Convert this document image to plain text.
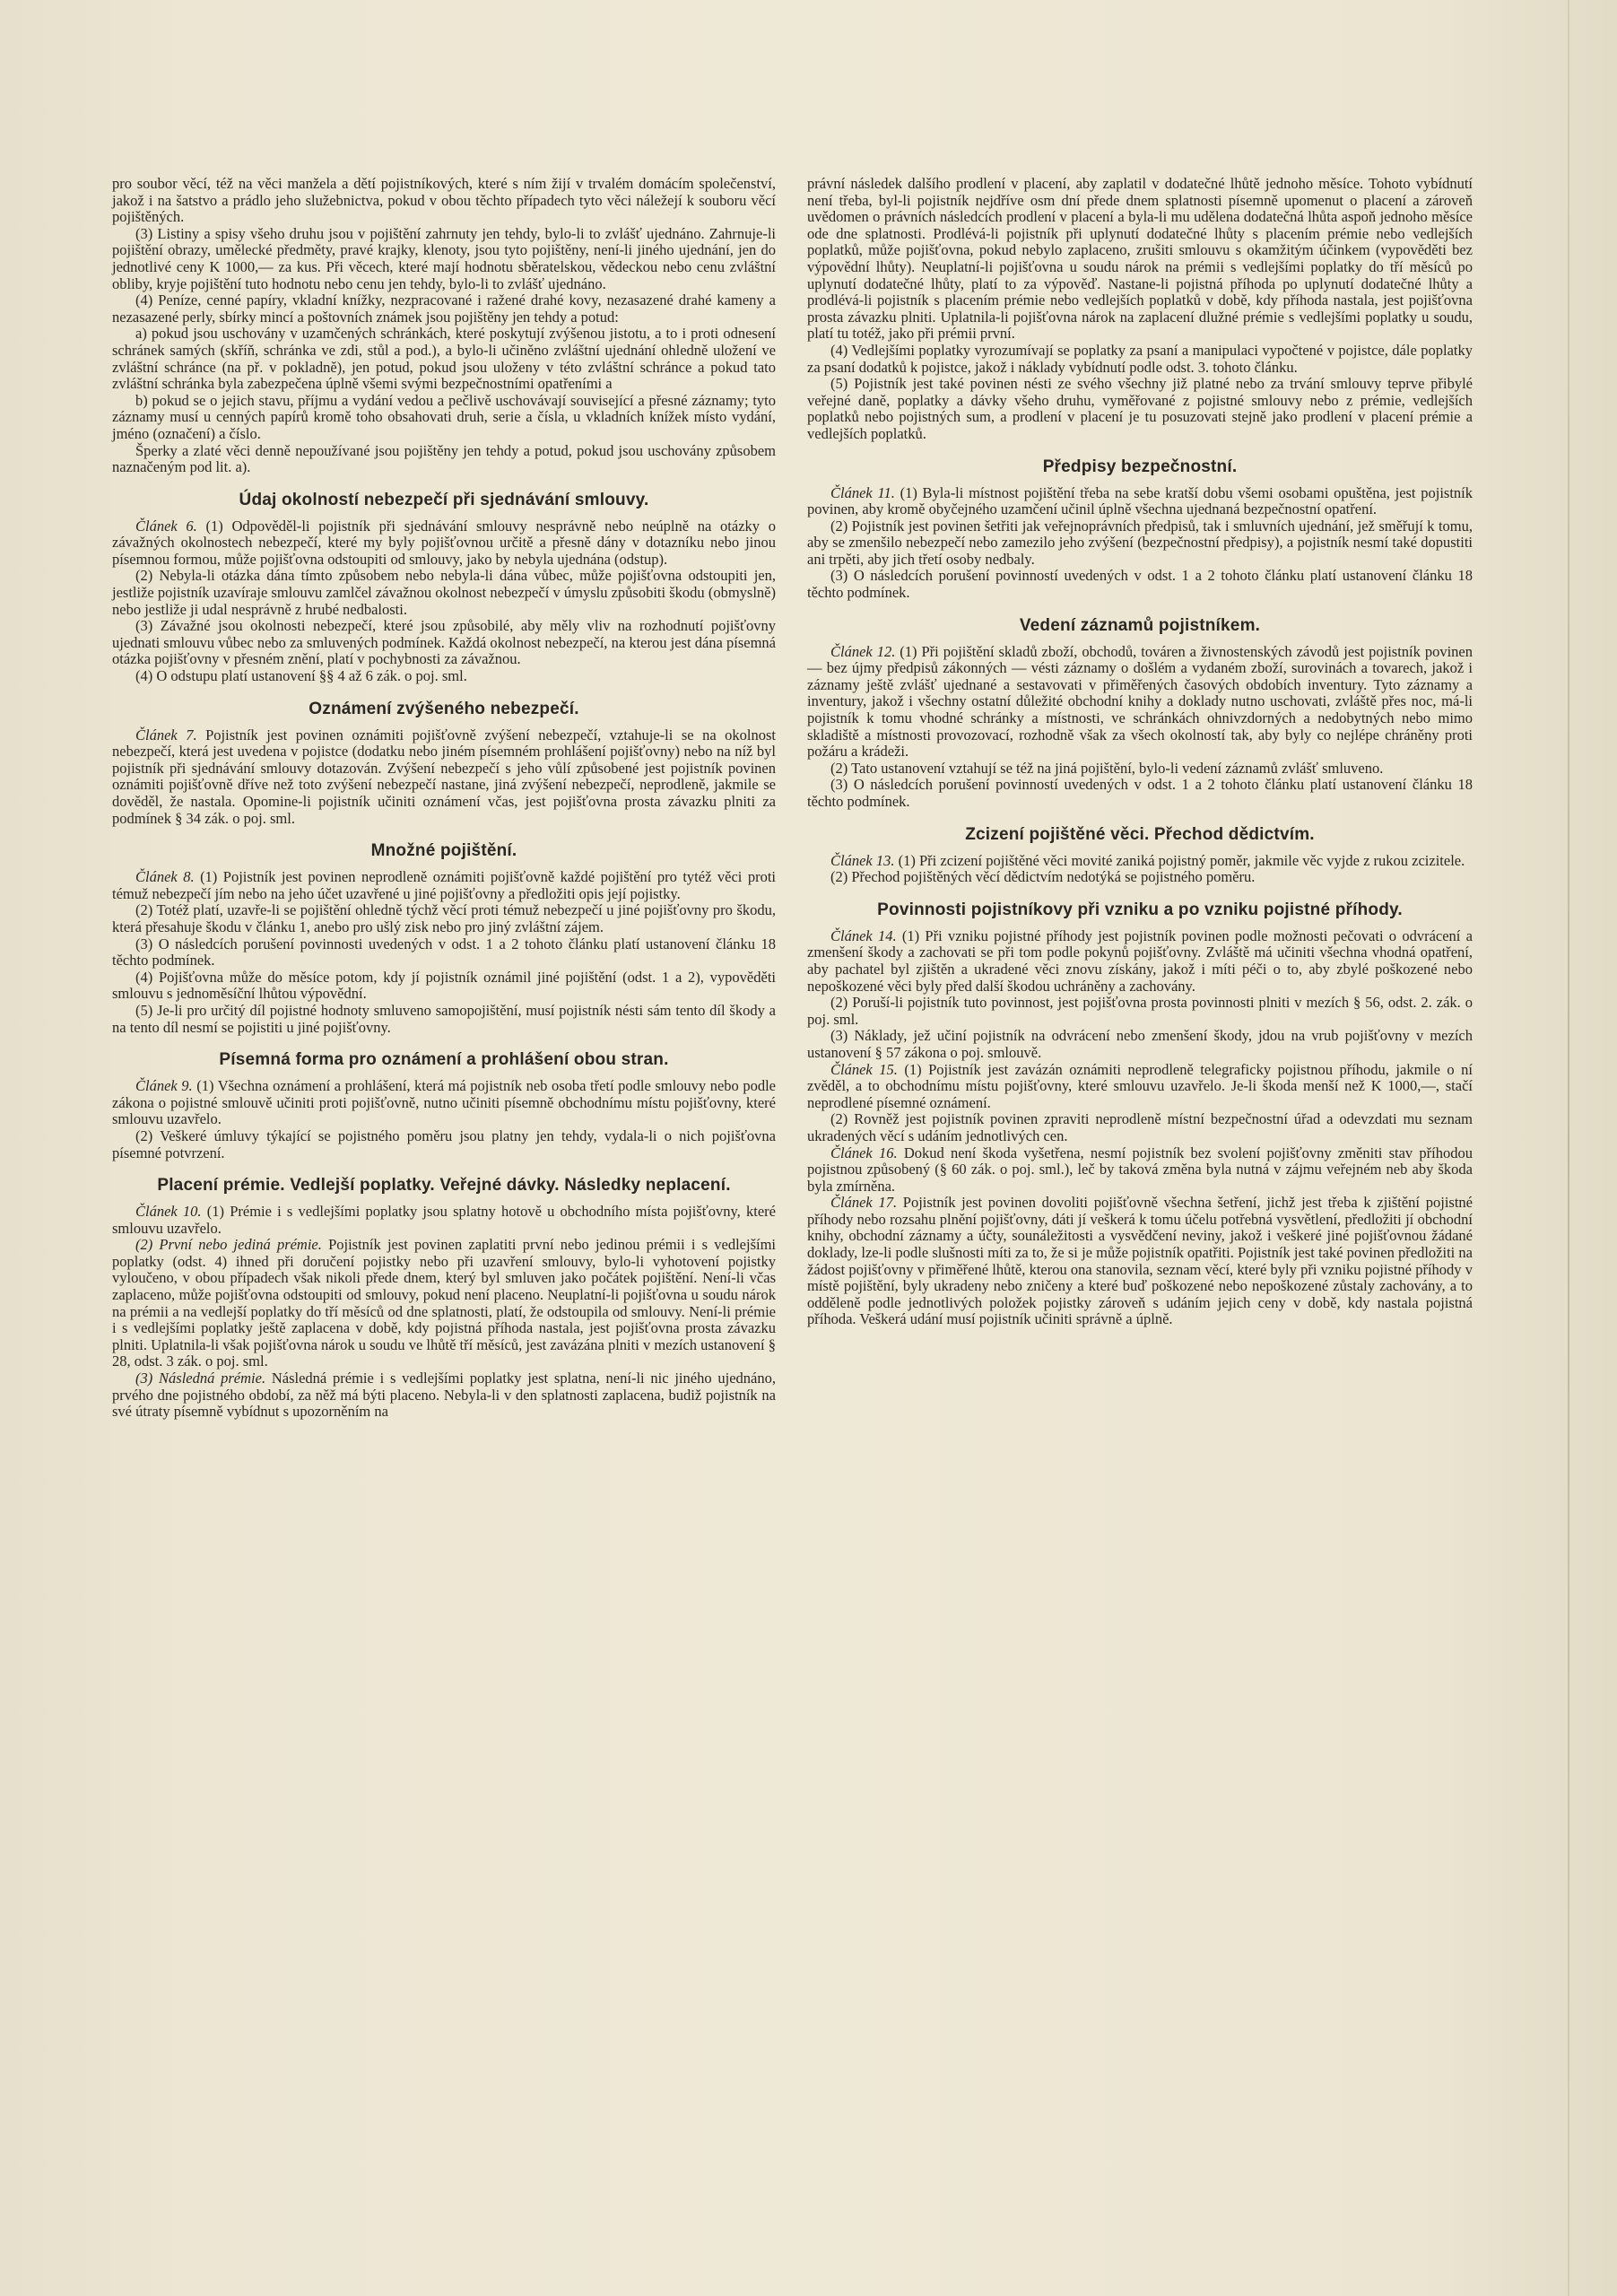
pro soubor věcí, též na věci manžela a dětí pojistníkových, které s ním žijí v trvalém domácím společenství, jakož i na šatstvo a prádlo jeho služebnictva, pokud v obou těchto případech tyto věci náležejí k souboru věcí pojištěných.

(3) Listiny a spisy všeho druhu jsou v pojištění zahrnuty jen tehdy, bylo-li to zvlášť ujednáno. Zahrnuje-li pojištění obrazy, umělecké předměty, pravé krajky, klenoty, jsou tyto pojištěny, není-li jiného ujednání, jen do jednotlivé ceny K 1000,— za kus. Při věcech, které mají hodnotu sběratelskou, vědeckou nebo cenu zvláštní obliby, kryje pojištění tuto hodnotu nebo cenu jen tehdy, bylo-li to zvlášť ujednáno.

(4) Peníze, cenné papíry, vkladní knížky, nezpracované i ražené drahé kovy, nezasazené drahé kameny a nezasazené perly, sbírky mincí a poštovních známek jsou pojištěny jen tehdy a potud:

a) pokud jsou uschovány v uzamčených schránkách, které poskytují zvýšenou jistotu, a to i proti odnesení schránek samých (skříň, schránka ve zdi, stůl a pod.), a bylo-li učiněno zvláštní ujednání ohledně uložení ve zvláštní schránce (na př. v pokladně), jen potud, pokud jsou uloženy v této zvláštní schránce a pokud tato zvláštní schránka byla zabezpečena úplně všemi svými bezpečnostními opatřeními a

b) pokud se o jejich stavu, příjmu a vydání vedou a pečlivě uschovávají související a přesné záznamy; tyto záznamy musí u cenných papírů kromě toho obsahovati druh, serie a čísla, u vkladních knížek místo vydání, jméno (označení) a číslo.

Šperky a zlaté věci denně nepoužívané jsou pojištěny jen tehdy a potud, pokud jsou uschovány způsobem naznačeným pod lit. a).

Údaj okolností nebezpečí při sjednávání smlouvy.

Článek 6. (1) Odpověděl-li pojistník při sjednávání smlouvy nesprávně nebo neúplně na otázky o závažných okolnostech nebezpečí, které my byly pojišťovnou určitě a přesně dány v dotazníku nebo jinou písemnou formou, může pojišťovna odstoupiti od smlouvy, jako by nebyla ujednána (odstup).

(2) Nebyla-li otázka dána tímto způsobem nebo nebyla-li dána vůbec, může pojišťovna odstoupiti jen, jestliže pojistník uzavíraje smlouvu zamlčel závažnou okolnost nebezpečí v úmyslu způsobiti škodu (obmyslně) nebo jestliže ji udal nesprávně z hrubé nedbalosti.

(3) Závažné jsou okolnosti nebezpečí, které jsou způsobilé, aby měly vliv na rozhodnutí pojišťovny ujednati smlouvu vůbec nebo za smluvených podmínek. Každá okolnost nebezpečí, na kterou jest dána písemná otázka pojišťovny v přesném znění, platí v pochybnosti za závažnou.

(4) O odstupu platí ustanovení §§ 4 až 6 zák. o poj. sml.

Oznámení zvýšeného nebezpečí.

Článek 7. Pojistník jest povinen oznámiti pojišťovně zvýšení nebezpečí, vztahuje-li se na okolnost nebezpečí, která jest uvedena v pojistce (dodatku nebo jiném písemném prohlášení pojišťovny) nebo na níž byl pojistník při sjednávání smlouvy dotazován. Zvýšení nebezpečí s jeho vůlí způsobené jest pojistník povinen oznámiti pojišťovně dříve než toto zvýšení nebezpečí nastane, jiná zvýšení nebezpečí, neprodleně, jakmile se dověděl, že nastala. Opomine-li pojistník učiniti oznámení včas, jest pojišťovna prosta závazku plniti za podmínek § 34 zák. o poj. sml.

Množné pojištění.

Článek 8. (1) Pojistník jest povinen neprodleně oznámiti pojišťovně každé pojištění pro tytéž věci proti témuž nebezpečí jím nebo na jeho účet uzavřené u jiné pojišťovny a předložiti opis její pojistky.

(2) Totéž platí, uzavře-li se pojištění ohledně týchž věcí proti témuž nebezpečí u jiné pojišťovny pro škodu, která přesahuje škodu v článku 1, anebo pro ušlý zisk nebo pro jiný zvláštní zájem.

(3) O následcích porušení povinnosti uvedených v odst. 1 a 2 tohoto článku platí ustanovení článku 18 těchto podmínek.

(4) Pojišťovna může do měsíce potom, kdy jí pojistník oznámil jiné pojištění (odst. 1 a 2), vypověděti smlouvu s jednoměsíční lhůtou výpovědní.

(5) Je-li pro určitý díl pojistné hodnoty smluveno samopojištění, musí pojistník nésti sám tento díl škody a na tento díl nesmí se pojistiti u jiné pojišťovny.

Písemná forma pro oznámení a prohlášení obou stran.

Článek 9. (1) Všechna oznámení a prohlášení, která má pojistník neb osoba třetí podle smlouvy nebo podle zákona o pojistné smlouvě učiniti proti pojišťovně, nutno učiniti písemně obchodnímu místu pojišťovny, které smlouvu uzavřelo.

(2) Veškeré úmluvy týkající se pojistného poměru jsou platny jen tehdy, vydala-li o nich pojišťovna písemné potvrzení.

Placení prémie. Vedlejší poplatky. Veřejné dávky. Následky neplacení.

Článek 10. (1) Prémie i s vedlejšími poplatky jsou splatny hotově u obchodního místa pojišťovny, které smlouvu uzavřelo.

(2) První nebo jediná prémie. Pojistník jest povinen zaplatiti první nebo jedinou prémii i s vedlejšími poplatky (odst. 4) ihned při doručení pojistky nebo při uzavření smlouvy, bylo-li vyhotovení pojistky vyloučeno, v obou případech však nikoli přede dnem, který byl smluven jako počátek pojištění. Není-li včas zaplaceno, může pojišťovna odstoupiti od smlouvy, pokud není placeno. Neuplatní-li pojišťovna u soudu nárok na prémii a na vedlejší poplatky do tří měsíců od dne splatnosti, platí, že odstoupila od smlouvy. Není-li prémie i s vedlejšími poplatky ještě zaplacena v době, kdy pojistná příhoda nastala, jest pojišťovna prosta závazku plniti. Uplatnila-li však pojišťovna nárok u soudu ve lhůtě tří měsíců, jest zavázána plniti v mezích ustanovení § 28, odst. 3 zák. o poj. sml.

(3) Následná prémie. Následná prémie i s vedlejšími poplatky jest splatna, není-li nic jiného ujednáno, prvého dne pojistného období, za něž má býti placeno. Nebyla-li v den splatnosti zaplacena, budiž pojistník na své útraty písemně vybídnut s upozorněním na

právní následek dalšího prodlení v placení, aby zaplatil v dodatečné lhůtě jednoho měsíce. Tohoto vybídnutí není třeba, byl-li pojistník nejdříve osm dní přede dnem splatnosti písemně upomenut o placení a zároveň uvědomen o právních následcích prodlení v placení a byla-li mu udělena dodatečná lhůta aspoň jednoho měsíce ode dne splatnosti. Prodlévá-li pojistník při uplynutí dodatečné lhůty s placením prémie nebo vedlejších poplatků, může pojišťovna, pokud nebylo zaplaceno, zrušiti smlouvu s okamžitým účinkem (vypověděti bez výpovědní lhůty). Neuplatní-li pojišťovna u soudu nárok na prémii s vedlejšími poplatky do tří měsíců po uplynutí dodatečné lhůty, platí to za výpověď. Nastane-li pojistná příhoda po uplynutí dodatečné lhůty a prodlévá-li pojistník s placením prémie nebo vedlejších poplatků v době, kdy příhoda nastala, jest pojišťovna prosta závazku plniti. Uplatnila-li pojišťovna nárok na zaplacení dlužné prémie s vedlejšími poplatky u soudu, platí tu totéž, jako při prémii první.

(4) Vedlejšími poplatky vyrozumívají se poplatky za psaní a manipulaci vypočtené v pojistce, dále poplatky za psaní dodatků k pojistce, jakož i náklady vybídnutí podle odst. 3. tohoto článku.

(5) Pojistník jest také povinen nésti ze svého všechny již platné nebo za trvání smlouvy teprve přibylé veřejné daně, poplatky a dávky všeho druhu, vyměřované z pojistné smlouvy nebo z prémie, vedlejších poplatků nebo pojistných sum, a prodlení v placení je tu posuzovati stejně jako prodlení v placení prémie a vedlejších poplatků.

Předpisy bezpečnostní.

Článek 11. (1) Byla-li místnost pojištění třeba na sebe kratší dobu všemi osobami opuštěna, jest pojistník povinen, aby kromě obyčejného uzamčení učinil úplně všechna ujednaná bezpečnostní opatření.

(2) Pojistník jest povinen šetřiti jak veřejnoprávních předpisů, tak i smluvních ujednání, jež směřují k tomu, aby se zmenšilo nebezpečí nebo zamezilo jeho zvýšení (bezpečnostní předpisy), a pojistník nesmí také dopustiti ani trpěti, aby jich třetí osoby nedbaly.

(3) O následcích porušení povinností uvedených v odst. 1 a 2 tohoto článku platí ustanovení článku 18 těchto podmínek.

Vedení záznamů pojistníkem.

Článek 12. (1) Při pojištění skladů zboží, obchodů, továren a živnostenských závodů jest pojistník povinen — bez újmy předpisů zákonných — vésti záznamy o došlém a vydaném zboží, surovinách a tovarech, jakož i záznamy ještě zvlášť ujednané a sestavovati v přiměřených časových obdobích inventury. Tyto záznamy a inventury, jakož i všechny ostatní důležité obchodní knihy a doklady nutno uschovati, zvláště přes noc, má-li pojistník k tomu vhodné schránky a místnosti, ve schránkách ohnivzdorných a nedobytných nebo mimo skladiště a místnosti provozovací, rozhodně však za všech okolností tak, aby byly co nejlépe chráněny proti požáru a krádeži.

(2) Tato ustanovení vztahují se též na jiná pojištění, bylo-li vedení záznamů zvlášť smluveno.

(3) O následcích porušení povinností uvedených v odst. 1 a 2 tohoto článku platí ustanovení článku 18 těchto podmínek.

Zcizení pojištěné věci. Přechod dědictvím.

Článek 13. (1) Při zcizení pojištěné věci movité zaniká pojistný poměr, jakmile věc vyjde z rukou zcizitele.

(2) Přechod pojištěných věcí dědictvím nedotýká se pojistného poměru.

Povinnosti pojistníkovy při vzniku a po vzniku pojistné příhody.

Článek 14. (1) Při vzniku pojistné příhody jest pojistník povinen podle možnosti pečovati o odvrácení a zmenšení škody a zachovati se při tom podle pokynů pojišťovny. Zvláště má učiniti všechna vhodná opatření, aby pachatel byl zjištěn a ukradené věci znovu získány, jakož i míti péči o to, aby zbylé poškozené nebo nepoškozené věci byly před další škodou uchráněny a zachovány.

(2) Poruší-li pojistník tuto povinnost, jest pojišťovna prosta povinnosti plniti v mezích § 56, odst. 2. zák. o poj. sml.

(3) Náklady, jež učiní pojistník na odvrácení nebo zmenšení škody, jdou na vrub pojišťovny v mezích ustanovení § 57 zákona o poj. smlouvě.

Článek 15. (1) Pojistník jest zavázán oznámiti neprodleně telegraficky pojistnou příhodu, jakmile o ní zvěděl, a to obchodnímu místu pojišťovny, které smlouvu uzavřelo. Je-li škoda menší než K 1000,—, stačí neprodlené písemné oznámení.

(2) Rovněž jest pojistník povinen zpraviti neprodleně místní bezpečnostní úřad a odevzdati mu seznam ukradených věcí s udáním jednotlivých cen.

Článek 16. Dokud není škoda vyšetřena, nesmí pojistník bez svolení pojišťovny změniti stav příhodou pojistnou způsobený (§ 60 zák. o poj. sml.), leč by taková změna byla nutná v zájmu veřejném neb aby škoda byla zmírněna.

Článek 17. Pojistník jest povinen dovoliti pojišťovně všechna šetření, jichž jest třeba k zjištění pojistné příhody nebo rozsahu plnění pojišťovny, dáti jí veškerá k tomu účelu potřebná vysvětlení, předložiti jí obchodní knihy, obchodní záznamy a účty, sounáležitosti a vysvědčení neviny, jakož i veškeré jiné pojišťovnou žádané doklady, lze-li podle slušnosti míti za to, že si je může pojistník opatřiti. Pojistník jest také povinen předložiti na žádost pojišťovny v přiměřené lhůtě, kterou ona stanovila, seznam věcí, které byly při vzniku pojistné příhody v místě pojištění, byly ukradeny nebo zničeny a které buď poškozené nebo nepoškozené zůstaly zachovány, a to odděleně podle jednotlivých položek pojistky zároveň s udáním jejich ceny v době, kdy nastala pojistná příhoda. Veškerá udání musí pojistník učiniti správně a úplně.
